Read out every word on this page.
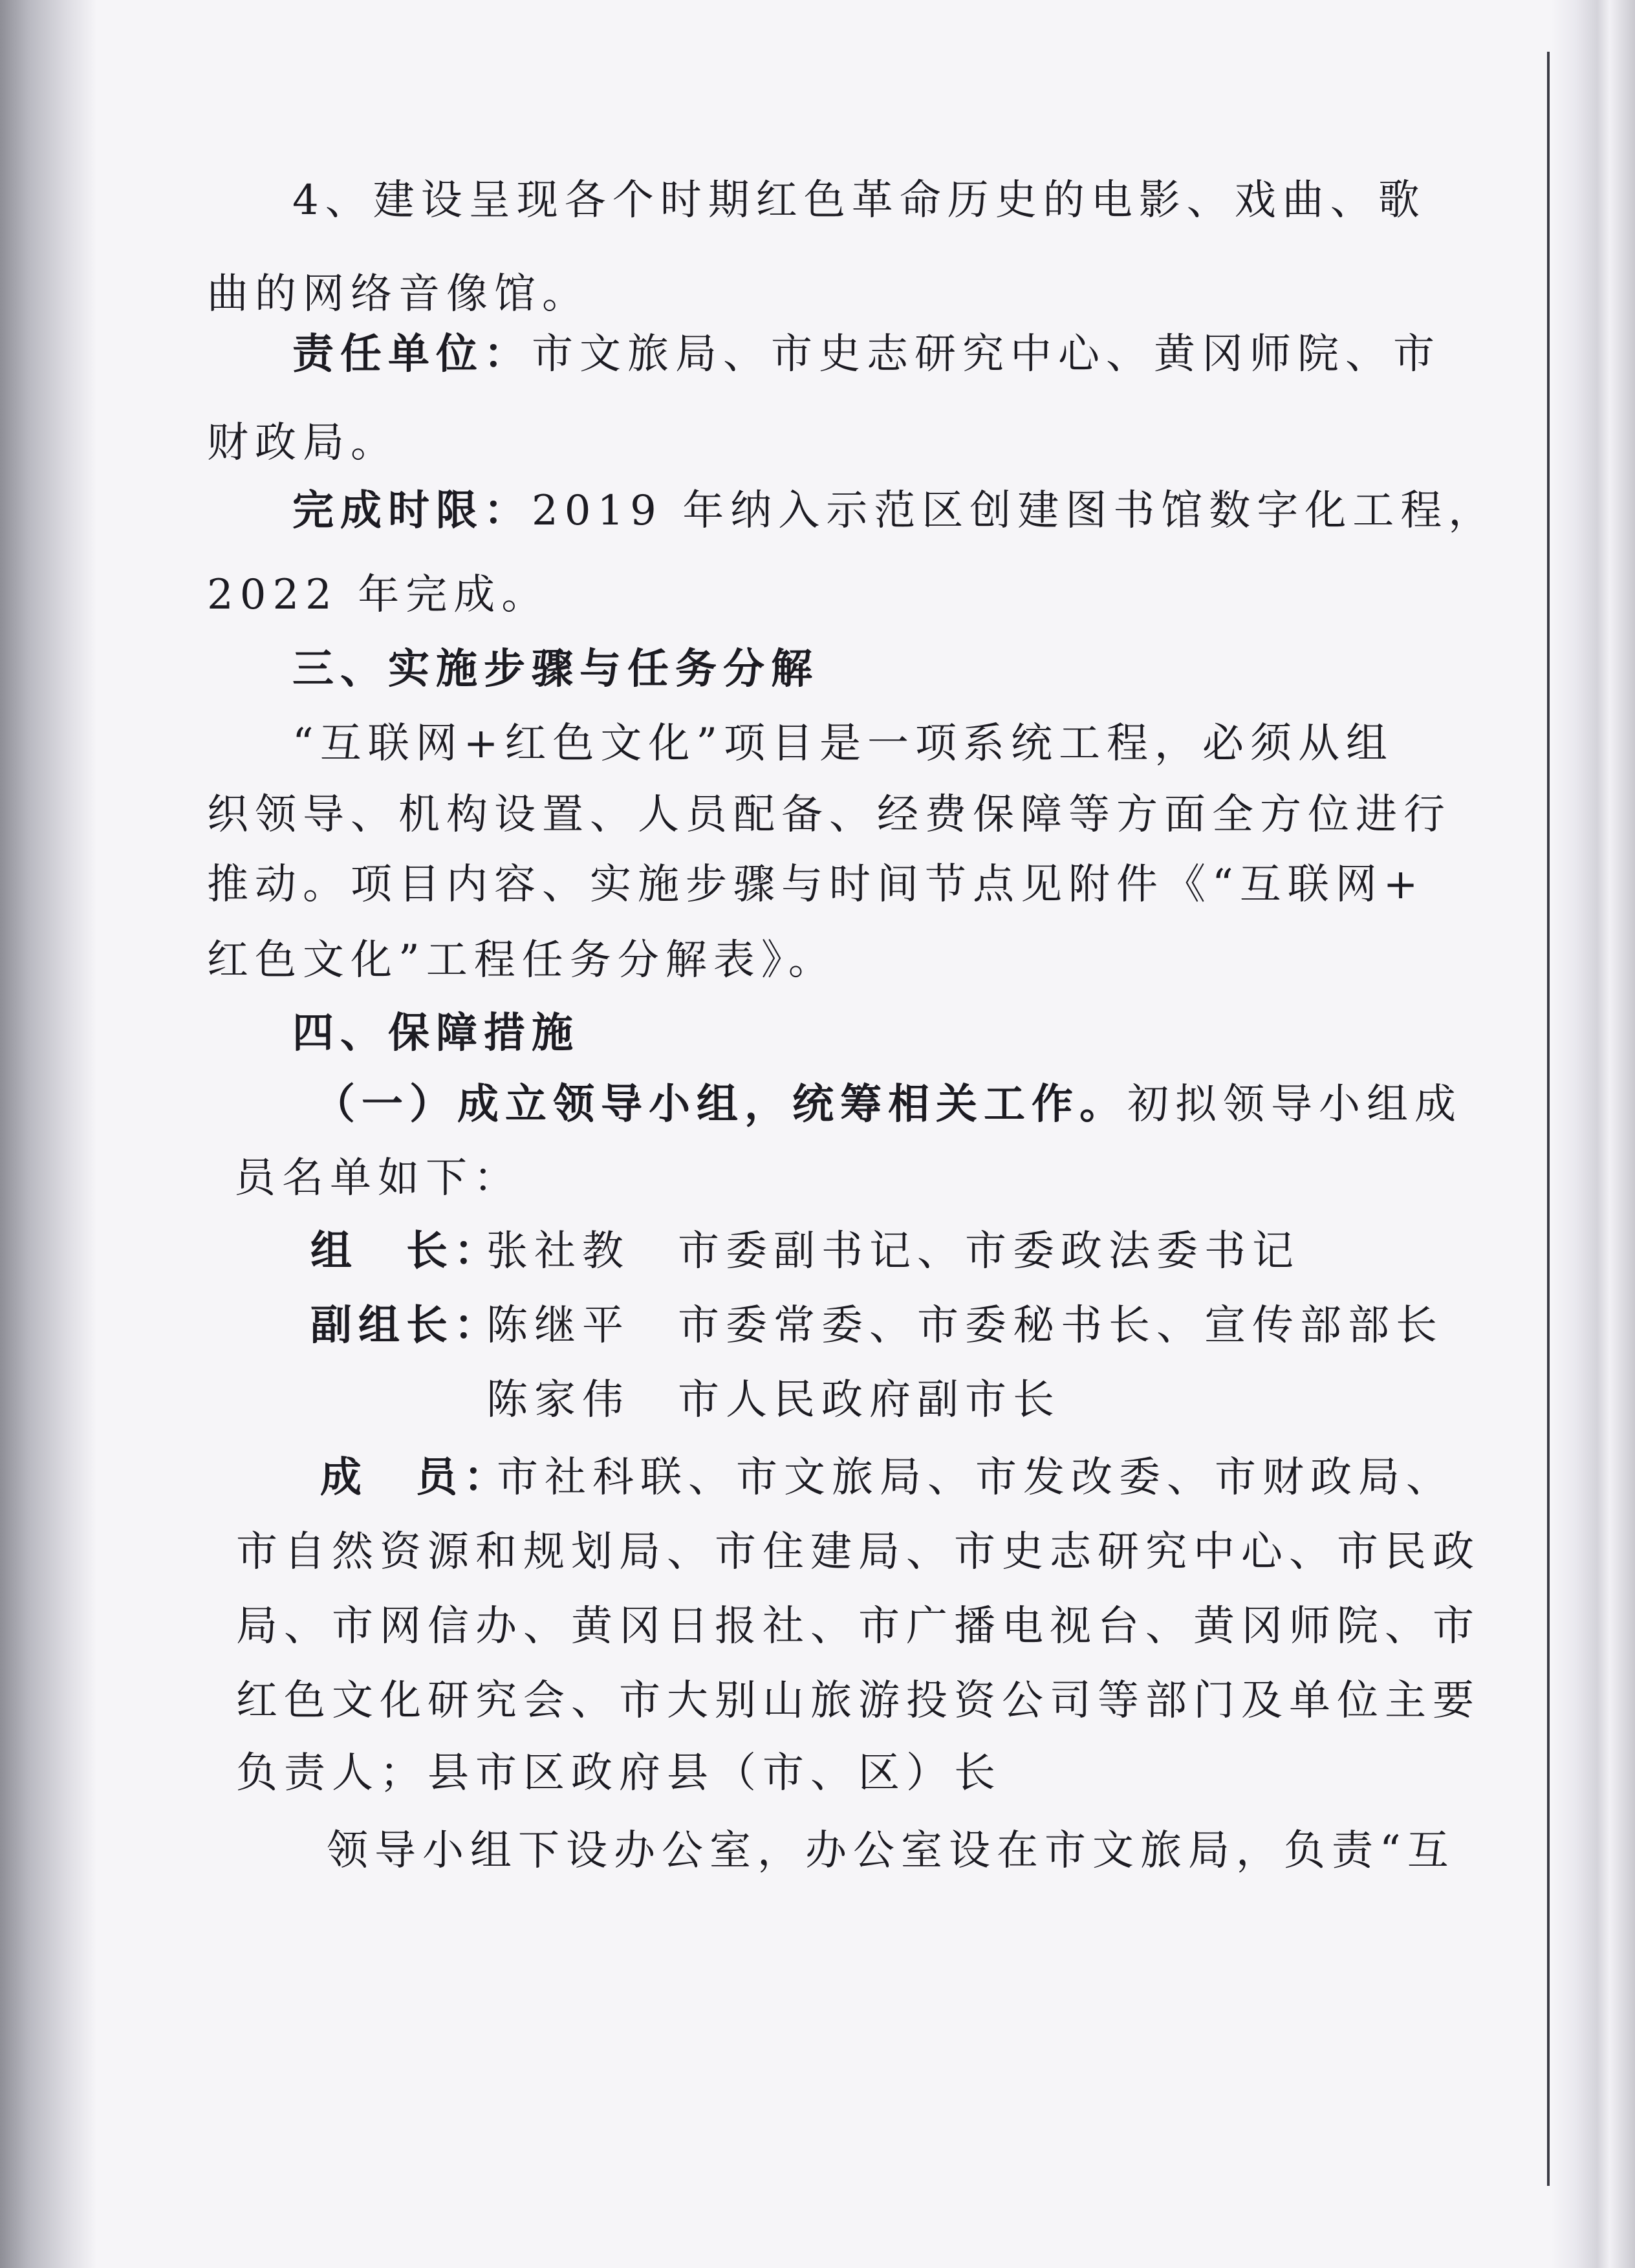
4、建设呈现各个时期红色革命历史的电影、戏曲、歌
曲的网络音像馆。
责任单位：市文旅局、市史志研究中心、黄冈师院、市
财政局。
完成时限：2019 年纳入示范区创建图书馆数字化工程，
2022 年完成。
三、实施步骤与任务分解
“互联网+红色文化”项目是一项系统工程，必须从组
织领导、机构设置、人员配备、经费保障等方面全方位进行
推动。项目内容、实施步骤与时间节点见附件《“互联网+
红色文化”工程任务分解表》。
四、保障措施
（一）成立领导小组，统筹相关工作。初拟领导小组成
员名单如下：
组　长：
张社教　市委副书记、市委政法委书记
副组长：
陈继平　市委常委、市委秘书长、宣传部部长
陈家伟　市人民政府副市长
成　员：
市社科联、市文旅局、市发改委、市财政局、
市自然资源和规划局、市住建局、市史志研究中心、市民政
局、市网信办、黄冈日报社、市广播电视台、黄冈师院、市
红色文化研究会、市大别山旅游投资公司等部门及单位主要
负责人；县市区政府县（市、区）长
领导小组下设办公室，办公室设在市文旅局，负责“互
